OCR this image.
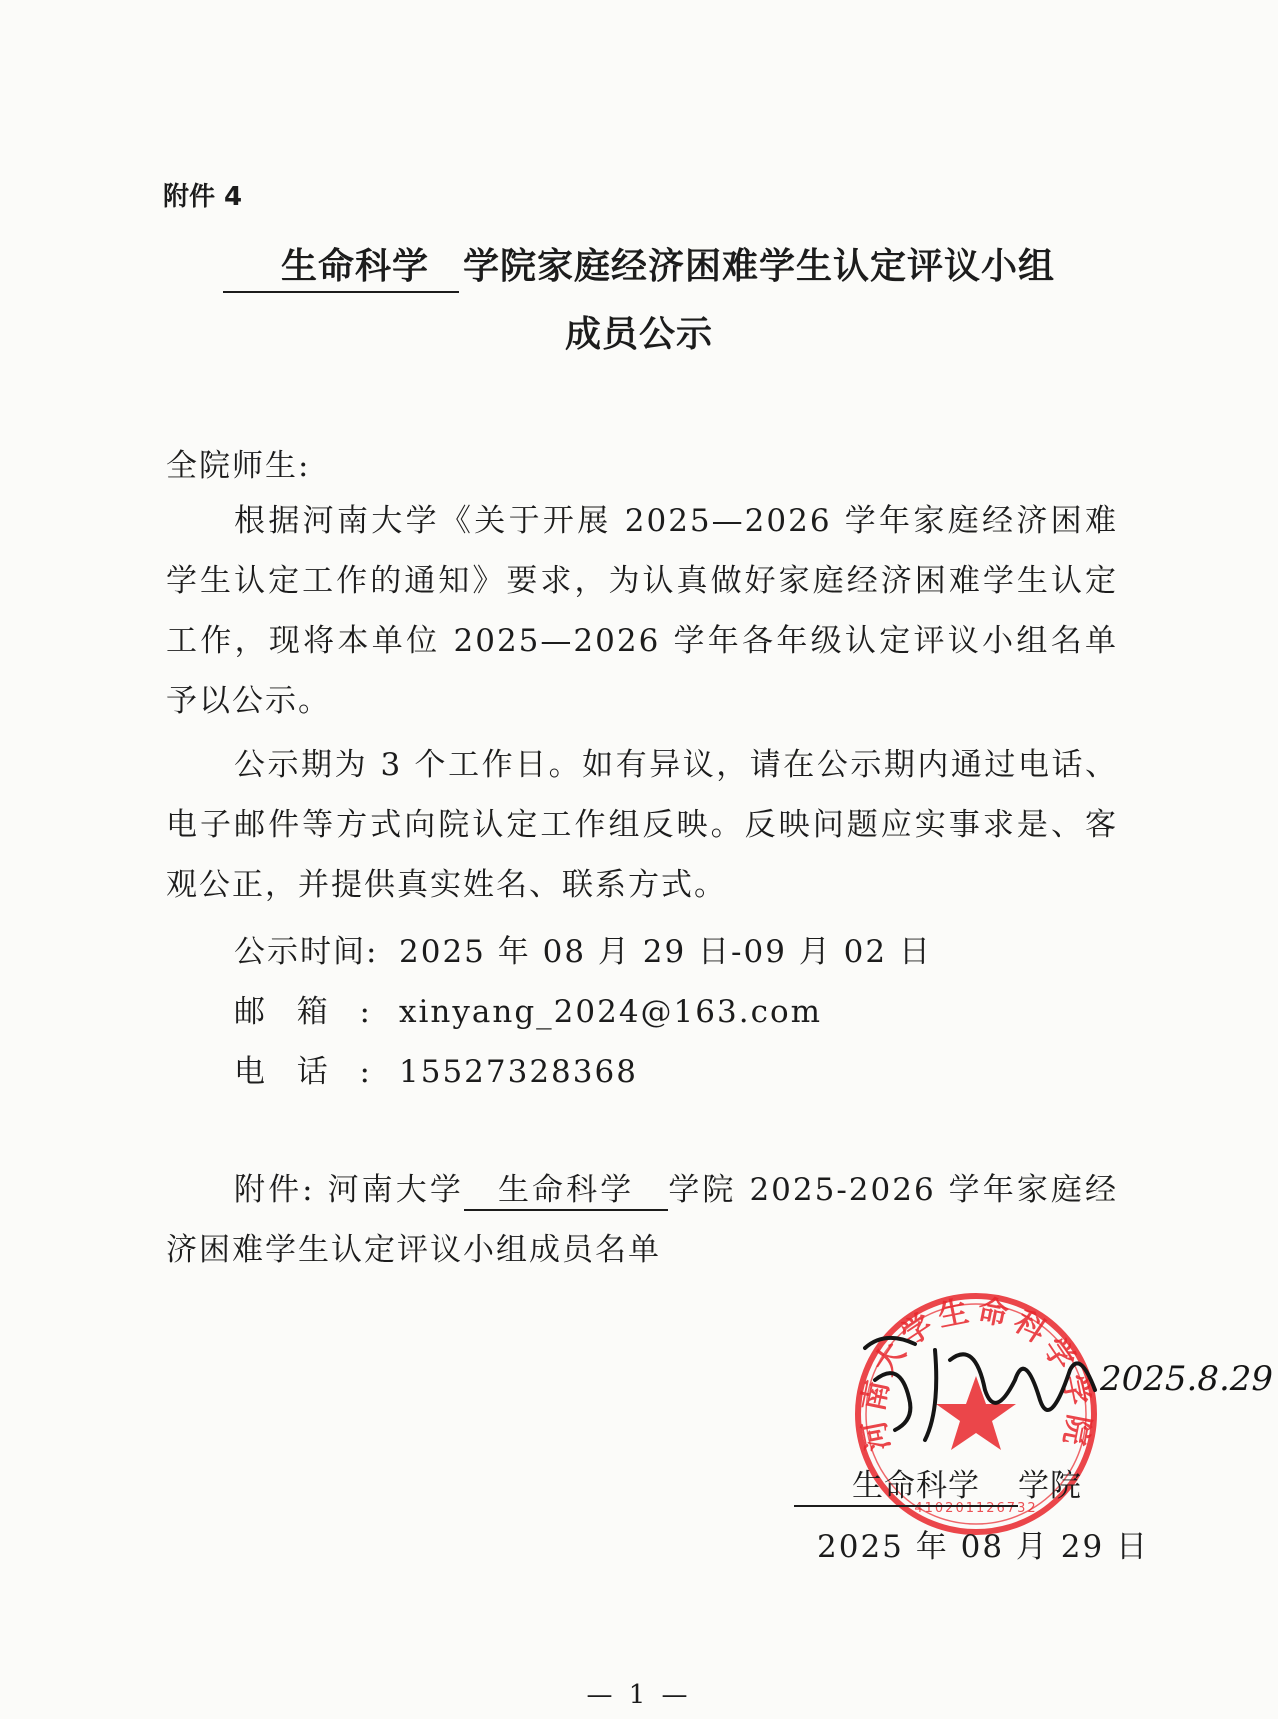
附件 4
生命科学 学院家庭经济困难学生认定评议小组
成员公示
全院师生:
根据河南大学《关于开展 2025—2026 学年家庭经济困难学生认定工作的通知》要求，为认真做好家庭经济困难学生认定工作，现将本单位 2025—2026 学年各年级认定评议小组名单予以公示。
公示期为 3 个工作日。如有异议，请在公示期内通过电话、电子邮件等方式向院认定工作组反映。反映问题应实事求是、客观公正，并提供真实姓名、联系方式。
公示时间: 2025 年 08 月 29 日-09 月 02 日
邮箱: xinyang_2024@163.com
电话: 15527328368
附件: 河南大学 生命科学 学院 2025-2026 学年家庭经济困难学生认定评议小组成员名单
河南大学生命科学学院
410201126732
2025.8.29
生命科学 学院
2025 年 08 月 29 日
— 1 —
